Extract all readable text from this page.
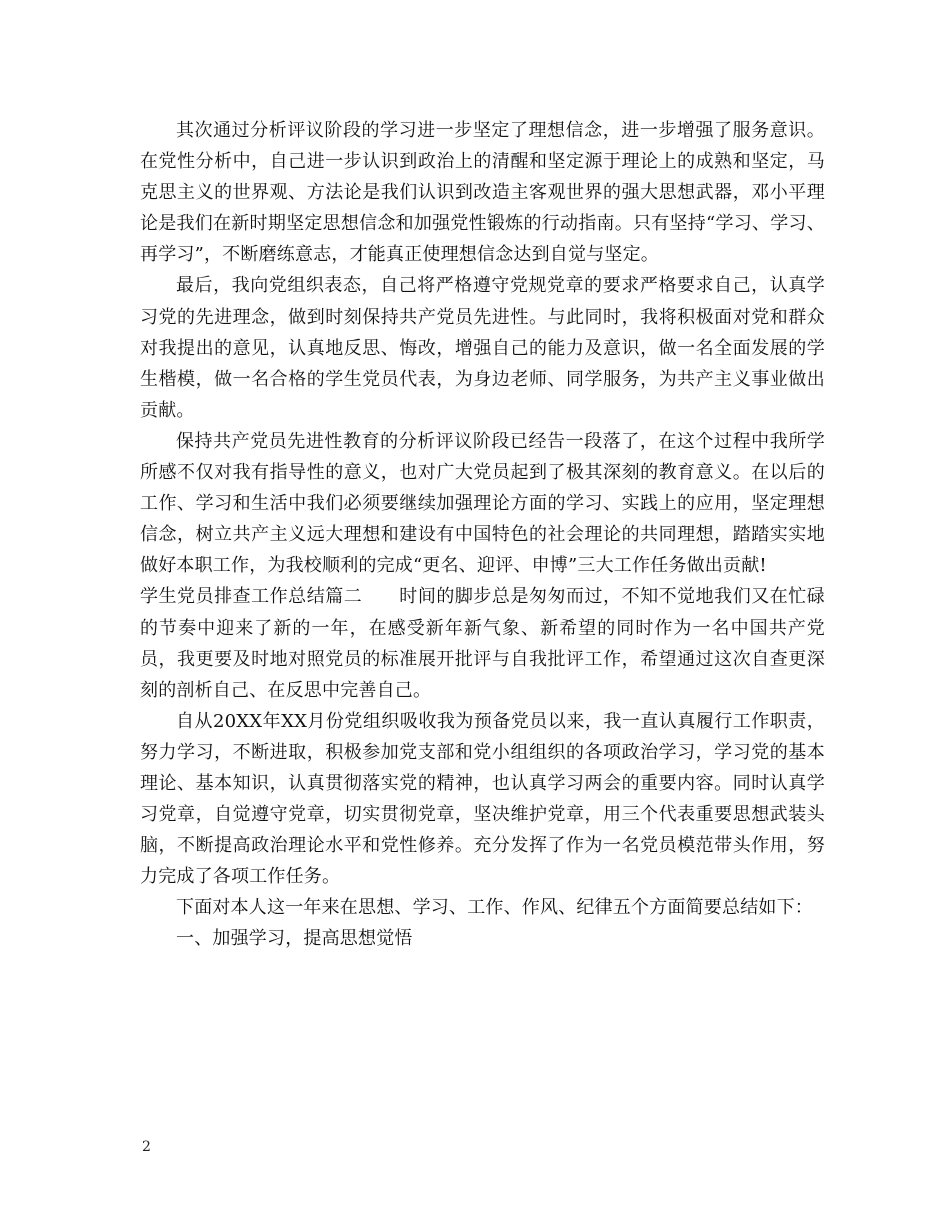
其次通过分析评议阶段的学习进一步坚定了理想信念，进一步增强了服务意识。在党性分析中，自己进一步认识到政治上的清醒和坚定源于理论上的成熟和坚定，马克思主义的世界观、方法论是我们认识到改造主客观世界的强大思想武器，邓小平理论是我们在新时期坚定思想信念和加强党性锻炼的行动指南。只有坚持“学习、学习、再学习”，不断磨练意志，才能真正使理想信念达到自觉与坚定。

最后，我向党组织表态，自己将严格遵守党规党章的要求严格要求自己，认真学习党的先进理念，做到时刻保持共产党员先进性。与此同时，我将积极面对党和群众对我提出的意见，认真地反思、悔改，增强自己的能力及意识，做一名全面发展的学生楷模，做一名合格的学生党员代表，为身边老师、同学服务，为共产主义事业做出贡献。

保持共产党员先进性教育的分析评议阶段已经告一段落了，在这个过程中我所学所感不仅对我有指导性的意义，也对广大党员起到了极其深刻的教育意义。在以后的工作、学习和生活中我们必须要继续加强理论方面的学习、实践上的应用，坚定理想信念，树立共产主义远大理想和建设有中国特色的社会理论的共同理想，踏踏实实地做好本职工作，为我校顺利的完成“更名、迎评、申博”三大工作任务做出贡献!

学生党员排查工作总结篇二　　时间的脚步总是匆匆而过，不知不觉地我们又在忙碌的节奏中迎来了新的一年，在感受新年新气象、新希望的同时作为一名中国共产党员，我更要及时地对照党员的标准展开批评与自我批评工作，希望通过这次自查更深刻的剖析自己、在反思中完善自己。

自从20XX年XX月份党组织吸收我为预备党员以来，我一直认真履行工作职责，努力学习，不断进取，积极参加党支部和党小组组织的各项政治学习，学习党的基本理论、基本知识，认真贯彻落实党的精神，也认真学习两会的重要内容。同时认真学习党章，自觉遵守党章，切实贯彻党章，坚决维护党章，用三个代表重要思想武装头脑，不断提高政治理论水平和党性修养。充分发挥了作为一名党员模范带头作用，努力完成了各项工作任务。

下面对本人这一年来在思想、学习、工作、作风、纪律五个方面简要总结如下：

一、加强学习，提高思想觉悟

2
